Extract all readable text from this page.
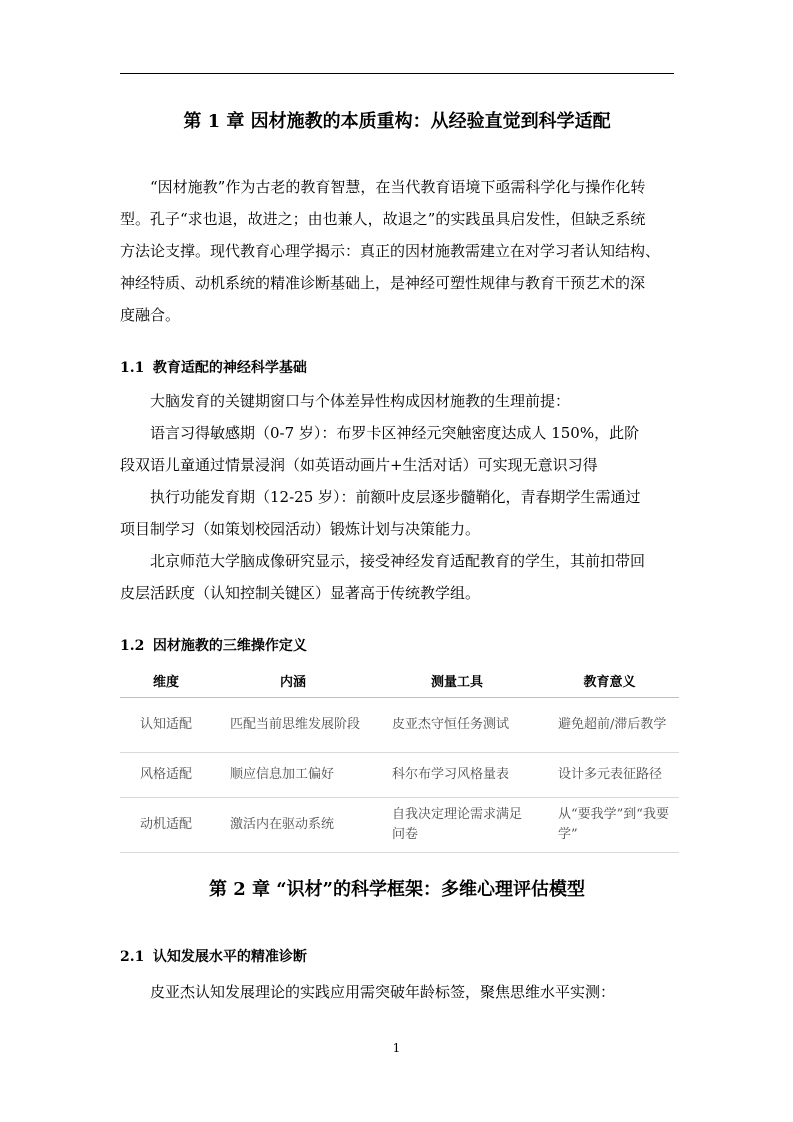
第 1 章 因材施教的本质重构：从经验直觉到科学适配
“因材施教”作为古老的教育智慧，在当代教育语境下亟需科学化与操作化转
型。孔子“求也退，故进之；由也兼人，故退之”的实践虽具启发性，但缺乏系统
方法论支撑。现代教育心理学揭示：真正的因材施教需建立在对学习者认知结构、
神经特质、动机系统的精准诊断基础上，是神经可塑性规律与教育干预艺术的深
度融合。
1.1 教育适配的神经科学基础
大脑发育的关键期窗口与个体差异性构成因材施教的生理前提：
语言习得敏感期（0-7 岁）：布罗卡区神经元突触密度达成人 150%，此阶
段双语儿童通过情景浸润（如英语动画片+生活对话）可实现无意识习得
执行功能发育期（12-25 岁）：前额叶皮层逐步髓鞘化，青春期学生需通过
项目制学习（如策划校园活动）锻炼计划与决策能力。
北京师范大学脑成像研究显示，接受神经发育适配教育的学生，其前扣带回
皮层活跃度（认知控制关键区）显著高于传统教学组。
1.2 因材施教的三维操作定义
维度	内涵	测量工具	教育意义
认知适配	匹配当前思维发展阶段	皮亚杰守恒任务测试	避免超前/滞后教学
风格适配	顺应信息加工偏好	科尔布学习风格量表	设计多元表征路径
动机适配	激活内在驱动系统	自我决定理论需求满足问卷	从“要我学”到“我要学”
第 2 章 “识材”的科学框架：多维心理评估模型
2.1 认知发展水平的精准诊断
皮亚杰认知发展理论的实践应用需突破年龄标签，聚焦思维水平实测：
1
